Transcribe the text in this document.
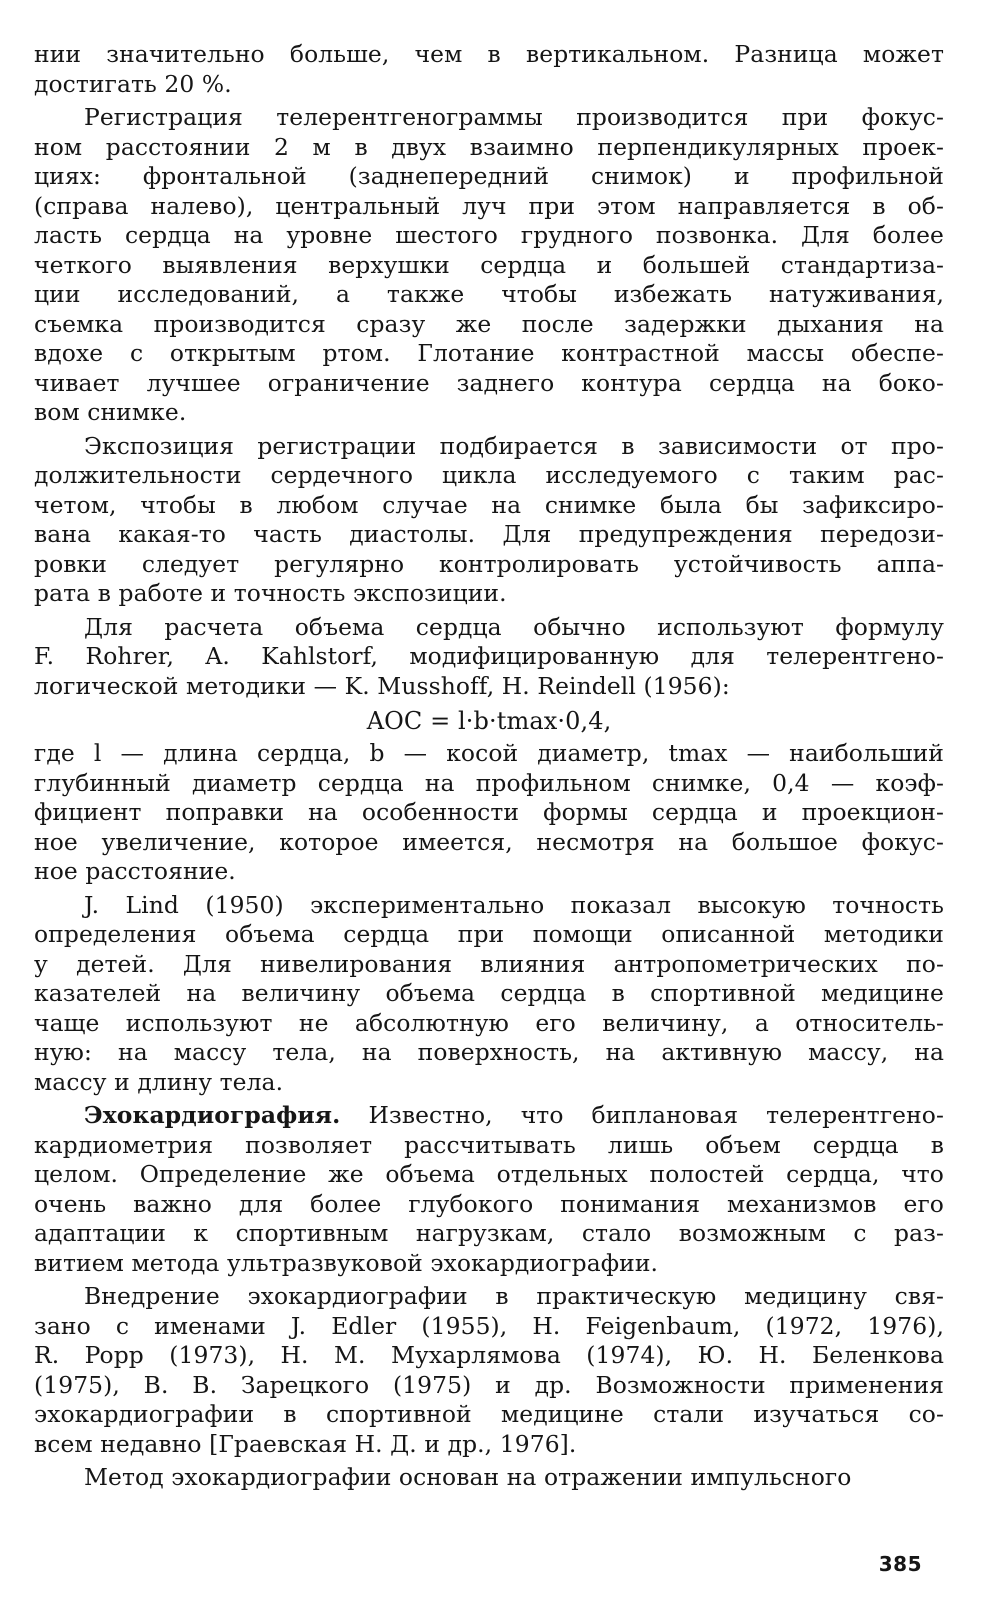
нии значительно больше, чем в вертикальном. Разница может
достигать 20 %.
Регистрация телерентгенограммы производится при фокус-
ном расстоянии 2 м в двух взаимно перпендикулярных проек-
циях: фронтальной (заднепередний снимок) и профильной
(справа налево), центральный луч при этом направляется в об-
ласть сердца на уровне шестого грудного позвонка. Для более
четкого выявления верхушки сердца и большей стандартиза-
ции исследований, а также чтобы избежать натуживания,
съемка производится сразу же после задержки дыхания на
вдохе с открытым ртом. Глотание контрастной массы обеспе-
чивает лучшее ограничение заднего контура сердца на боко-
вом снимке.
Экспозиция регистрации подбирается в зависимости от про-
должительности сердечного цикла исследуемого с таким рас-
четом, чтобы в любом случае на снимке была бы зафиксиро-
вана какая-то часть диастолы. Для предупреждения передози-
ровки следует регулярно контролировать устойчивость аппа-
рата в работе и точность экспозиции.
Для расчета объема сердца обычно используют формулу
F. Rohrer, A. Kahlstorf, модифицированную для телерентгено-
логической методики — K. Musshoff, H. Reindell (1956):
AOC = l·b·tmax·0,4,
где l — длина сердца, b — косой диаметр, tmax — наибольший
глубинный диаметр сердца на профильном снимке, 0,4 — коэф-
фициент поправки на особенности формы сердца и проекцион-
ное увеличение, которое имеется, несмотря на большое фокус-
ное расстояние.
J. Lind (1950) экспериментально показал высокую точность
определения объема сердца при помощи описанной методики
у детей. Для нивелирования влияния антропометрических по-
казателей на величину объема сердца в спортивной медицине
чаще используют не абсолютную его величину, а относитель-
ную: на массу тела, на поверхность, на активную массу, на
массу и длину тела.
Эхокардиография. Известно, что биплановая телерентгено-
кардиометрия позволяет рассчитывать лишь объем сердца в
целом. Определение же объема отдельных полостей сердца, что
очень важно для более глубокого понимания механизмов его
адаптации к спортивным нагрузкам, стало возможным с раз-
витием метода ультразвуковой эхокардиографии.
Внедрение эхокардиографии в практическую медицину свя-
зано с именами J. Edler (1955), H. Feigenbaum, (1972, 1976),
R. Popp (1973), Н. М. Мухарлямова (1974), Ю. Н. Беленкова
(1975), В. В. Зарецкого (1975) и др. Возможности применения
эхокардиографии в спортивной медицине стали изучаться со-
всем недавно [Граевская Н. Д. и др., 1976].
Метод эхокардиографии основан на отражении импульсного
385
